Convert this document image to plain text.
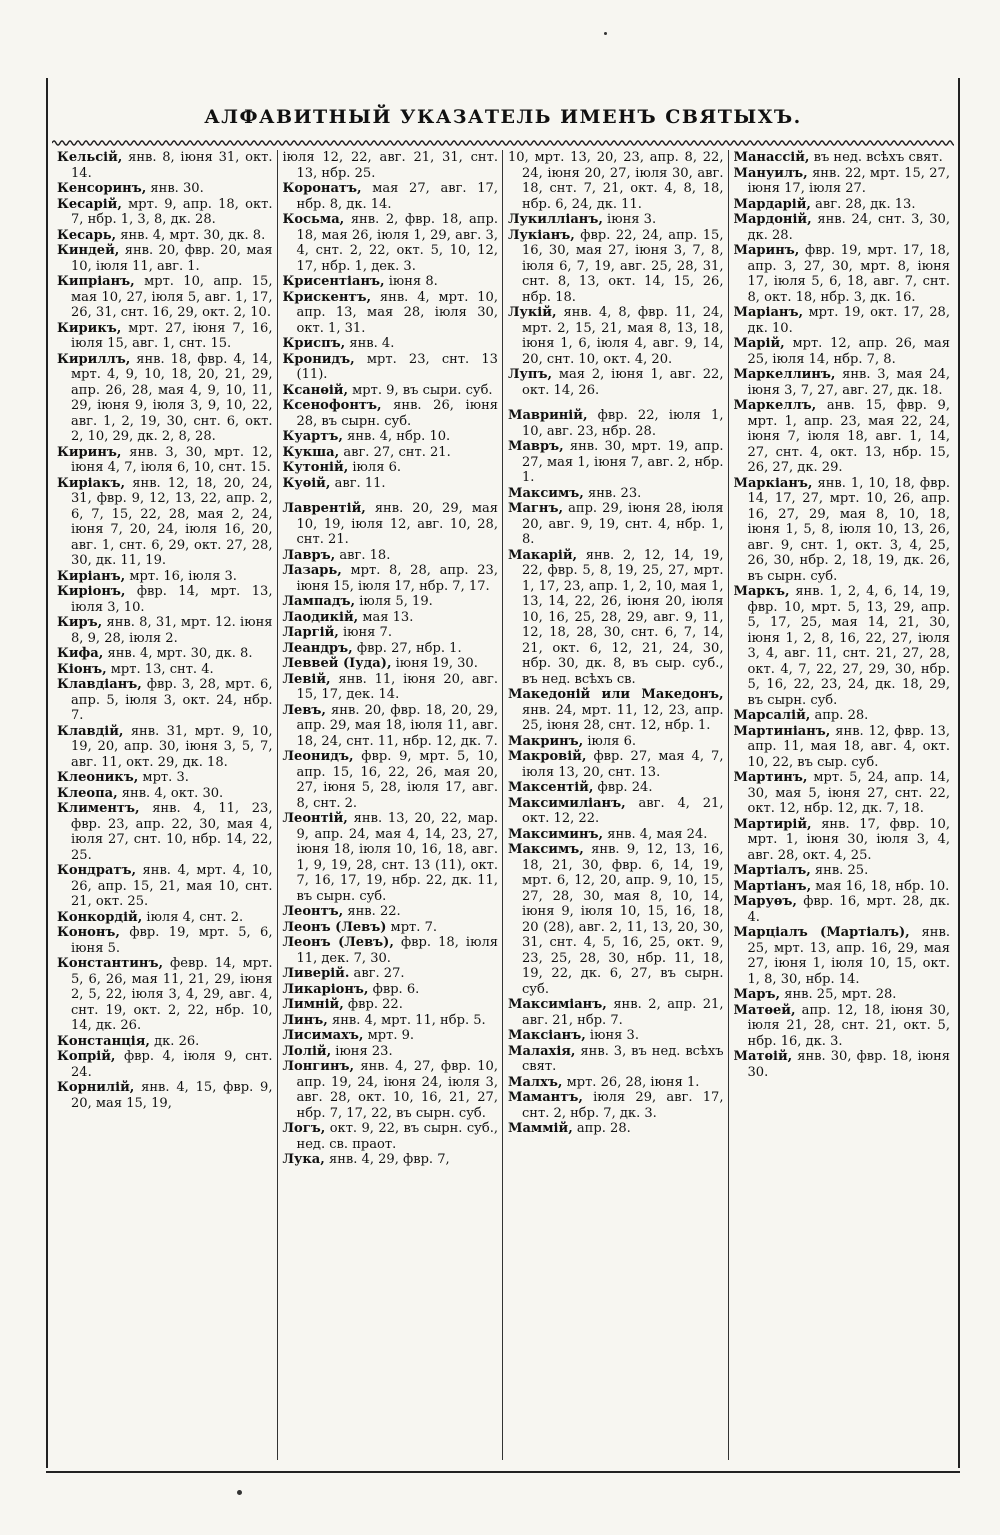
АЛФАВИТНЫЙ УКАЗАТЕЛЬ ИМЕНЪ СВЯТЫХЪ.

Кельсій, янв. 8, іюня 31, окт. 14.

Кенсоринъ, янв. 30.

Кесарій, мрт. 9, апр. 18, окт. 7, нбр. 1, 3, 8, дк. 28.

Кесарь, янв. 4, мрт. 30, дк. 8.

Киндей, янв. 20, фвр. 20, мая 10, іюля 11, авг. 1.

Кипріанъ, мрт. 10, апр. 15, мая 10, 27, іюля 5, авг. 1, 17, 26, 31, снт. 16, 29, окт. 2, 10.

Кирикъ, мрт. 27, іюня 7, 16, іюля 15, авг. 1, снт. 15.

Кириллъ, янв. 18, фвр. 4, 14, мрт. 4, 9, 10, 18, 20, 21, 29, апр. 26, 28, мая 4, 9, 10, 11, 29, іюня 9, іюля 3, 9, 10, 22, авг. 1, 2, 19, 30, снт. 6, окт. 2, 10, 29, дк. 2, 8, 28.

Киринъ, янв. 3, 30, мрт. 12, іюня 4, 7, іюля 6, 10, снт. 15.

Киріакъ, янв. 12, 18, 20, 24, 31, фвр. 9, 12, 13, 22, апр. 2, 6, 7, 15, 22, 28, мая 2, 24, іюня 7, 20, 24, іюля 16, 20, авг. 1, снт. 6, 29, окт. 27, 28, 30, дк. 11, 19.

Киріанъ, мрт. 16, іюля 3.

Киріонъ, фвр. 14, мрт. 13, іюля 3, 10.

Киръ, янв. 8, 31, мрт. 12. іюня 8, 9, 28, іюля 2.

Кифа, янв. 4, мрт. 30, дк. 8.

Кіонъ, мрт. 13, снт. 4.

Клавдіанъ, фвр. 3, 28, мрт. 6, апр. 5, іюля 3, окт. 24, нбр. 7.

Клавдій, янв. 31, мрт. 9, 10, 19, 20, апр. 30, іюня 3, 5, 7, авг. 11, окт. 29, дк. 18.

Клеоникъ, мрт. 3.

Клеопа, янв. 4, окт. 30.

Климентъ, янв. 4, 11, 23, фвр. 23, апр. 22, 30, мая 4, іюля 27, снт. 10, нбр. 14, 22, 25.

Кондратъ, янв. 4, мрт. 4, 10, 26, апр. 15, 21, мая 10, снт. 21, окт. 25.

Конкордій, іюля 4, снт. 2.

Кононъ, фвр. 19, мрт. 5, 6, іюня 5.

Константинъ, февр. 14, мрт. 5, 6, 26, мая 11, 21, 29, іюня 2, 5, 22, іюля 3, 4, 29, авг. 4, снт. 19, окт. 2, 22, нбр. 10, 14, дк. 26.

Констанція, дк. 26.

Копрій, фвр. 4, іюля 9, снт. 24.

Корнилій, янв. 4, 15, фвр. 9, 20, мая 15, 19,

іюля 12, 22, авг. 21, 31, снт. 13, нбр. 25.

Коронатъ, мая 27, авг. 17, нбр. 8, дк. 14.

Косьма, янв. 2, фвр. 18, апр. 18, мая 26, іюля 1, 29, авг. 3, 4, снт. 2, 22, окт. 5, 10, 12, 17, нбр. 1, дек. 3.

Крисентіанъ, іюня 8.

Крискентъ, янв. 4, мрт. 10, апр. 13, мая 28, іюля 30, окт. 1, 31.

Криспъ, янв. 4.

Кронидъ, мрт. 23, снт. 13 (11).

Ксанѳій, мрт. 9, въ сыри. суб.

Ксенофонтъ, янв. 26, іюня 28, въ сырн. суб.

Куартъ, янв. 4, нбр. 10.

Кукша, авг. 27, снт. 21.

Кутоній, іюля 6.

Куѳій, авг. 11.

Лаврентій, янв. 20, 29, мая 10, 19, іюля 12, авг. 10, 28, снт. 21.

Лавръ, авг. 18.

Лазарь, мрт. 8, 28, апр. 23, іюня 15, іюля 17, нбр. 7, 17.

Лампадъ, іюля 5, 19.

Лаодикій, мая 13.

Ларгій, іюня 7.

Леандръ, фвр. 27, нбр. 1.

Леввей (Іуда), іюня 19, 30.

Левій, янв. 11, іюня 20, авг. 15, 17, дек. 14.

Левъ, янв. 20, фвр. 18, 20, 29, апр. 29, мая 18, іюля 11, авг. 18, 24, снт. 11, нбр. 12, дк. 7.

Леонидъ, фвр. 9, мрт. 5, 10, апр. 15, 16, 22, 26, мая 20, 27, іюня 5, 28, іюля 17, авг. 8, снт. 2.

Леонтій, янв. 13, 20, 22, мар. 9, апр. 24, мая 4, 14, 23, 27, іюня 18, іюля 10, 16, 18, авг. 1, 9, 19, 28, снт. 13 (11), окт. 7, 16, 17, 19, нбр. 22, дк. 11, въ сырн. суб.

Леонтъ, янв. 22.

Леонъ (Левъ) мрт. 7.

Леонъ (Левъ), фвр. 18, іюля 11, дек. 7, 30.

Ливерій. авг. 27.

Ликаріонъ, фвр. 6.

Лимній, фвр. 22.

Линъ, янв. 4, мрт. 11, нбр. 5.

Лисимахъ, мрт. 9.

Лолій, іюня 23.

Лонгинъ, янв. 4, 27, фвр. 10, апр. 19, 24, іюня 24, іюля 3, авг. 28, окт. 10, 16, 21, 27, нбр. 7, 17, 22, въ сырн. суб.

Логъ, окт. 9, 22, въ сырн. суб., нед. св. праот.

Лука, янв. 4, 29, фвр. 7,

10, мрт. 13, 20, 23, апр. 8, 22, 24, іюня 20, 27, іюля 30, авг. 18, снт. 7, 21, окт. 4, 8, 18, нбр. 6, 24, дк. 11.

Лукилліанъ, іюня 3.

Лукіанъ, фвр. 22, 24, апр. 15, 16, 30, мая 27, іюня 3, 7, 8, іюля 6, 7, 19, авг. 25, 28, 31, снт. 8, 13, окт. 14, 15, 26, нбр. 18.

Лукій, янв. 4, 8, фвр. 11, 24, мрт. 2, 15, 21, мая 8, 13, 18, іюня 1, 6, іюля 4, авг. 9, 14, 20, снт. 10, окт. 4, 20.

Лупъ, мая 2, іюня 1, авг. 22, окт. 14, 26.

Мавриній, фвр. 22, іюля 1, 10, авг. 23, нбр. 28.

Мавръ, янв. 30, мрт. 19, апр. 27, мая 1, іюня 7, авг. 2, нбр. 1.

Максимъ, янв. 23.

Магнъ, апр. 29, іюня 28, іюля 20, авг. 9, 19, снт. 4, нбр. 1, 8.

Макарій, янв. 2, 12, 14, 19, 22, фвр. 5, 8, 19, 25, 27, мрт. 1, 17, 23, апр. 1, 2, 10, мая 1, 13, 14, 22, 26, іюня 20, іюля 10, 16, 25, 28, 29, авг. 9, 11, 12, 18, 28, 30, снт. 6, 7, 14, 21, окт. 6, 12, 21, 24, 30, нбр. 30, дк. 8, въ сыр. суб., въ нед. всѣхъ св.

Македоній или Македонъ, янв. 24, мрт. 11, 12, 23, апр. 25, іюня 28, снт. 12, нбр. 1.

Макринъ, іюля 6.

Макровій, фвр. 27, мая 4, 7, іюля 13, 20, снт. 13.

Максентій, фвр. 24.

Максимиліанъ, авг. 4, 21, окт. 12, 22.

Максиминъ, янв. 4, мая 24.

Максимъ, янв. 9, 12, 13, 16, 18, 21, 30, фвр. 6, 14, 19, мрт. 6, 12, 20, апр. 9, 10, 15, 27, 28, 30, мая 8, 10, 14, іюня 9, іюля 10, 15, 16, 18, 20 (28), авг. 2, 11, 13, 20, 30, 31, снт. 4, 5, 16, 25, окт. 9, 23, 25, 28, 30, нбр. 11, 18, 19, 22, дк. 6, 27, въ сырн. суб.

Максиміанъ, янв. 2, апр. 21, авг. 21, нбр. 7.

Максіанъ, іюня 3.

Малахія, янв. 3, въ нед. всѣхъ свят.

Малхъ, мрт. 26, 28, іюня 1.

Мамантъ, іюля 29, авг. 17, снт. 2, нбр. 7, дк. 3.

Маммій, апр. 28.

Манассій, въ нед. всѣхъ свят.

Мануилъ, янв. 22, мрт. 15, 27, іюня 17, іюля 27.

Мардарій, авг. 28, дк. 13.

Мардоній, янв. 24, снт. 3, 30, дк. 28.

Маринъ, фвр. 19, мрт. 17, 18, апр. 3, 27, 30, мрт. 8, іюня 17, іюля 5, 6, 18, авг. 7, снт. 8, окт. 18, нбр. 3, дк. 16.

Маріанъ, мрт. 19, окт. 17, 28, дк. 10.

Марій, мрт. 12, апр. 26, мая 25, іюля 14, нбр. 7, 8.

Маркеллинъ, янв. 3, мая 24, іюня 3, 7, 27, авг. 27, дк. 18.

Маркеллъ, анв. 15, фвр. 9, мрт. 1, апр. 23, мая 22, 24, іюня 7, іюля 18, авг. 1, 14, 27, снт. 4, окт. 13, нбр. 15, 26, 27, дк. 29.

Маркіанъ, янв. 1, 10, 18, фвр. 14, 17, 27, мрт. 10, 26, апр. 16, 27, 29, мая 8, 10, 18, іюня 1, 5, 8, іюля 10, 13, 26, авг. 9, снт. 1, окт. 3, 4, 25, 26, 30, нбр. 2, 18, 19, дк. 26, въ сырн. суб.

Маркъ, янв. 1, 2, 4, 6, 14, 19, фвр. 10, мрт. 5, 13, 29, апр. 5, 17, 25, мая 14, 21, 30, іюня 1, 2, 8, 16, 22, 27, іюля 3, 4, авг. 11, снт. 21, 27, 28, окт. 4, 7, 22, 27, 29, 30, нбр. 5, 16, 22, 23, 24, дк. 18, 29, въ сырн. суб.

Марсалій, апр. 28.

Мартиніанъ, янв. 12, фвр. 13, апр. 11, мая 18, авг. 4, окт. 10, 22, въ сыр. суб.

Мартинъ, мрт. 5, 24, апр. 14, 30, мая 5, іюня 27, снт. 22, окт. 12, нбр. 12, дк. 7, 18.

Мартирій, янв. 17, фвр. 10, мрт. 1, іюня 30, іюля 3, 4, авг. 28, окт. 4, 25.

Мартіалъ, янв. 25.

Мартіанъ, мая 16, 18, нбр. 10.

Маруѳъ, фвр. 16, мрт. 28, дк. 4.

Марціалъ (Мартіалъ), янв. 25, мрт. 13, апр. 16, 29, мая 27, іюня 1, іюля 10, 15, окт. 1, 8, 30, нбр. 14.

Маръ, янв. 25, мрт. 28.

Матѳей, апр. 12, 18, іюня 30, іюля 21, 28, снт. 21, окт. 5, нбр. 16, дк. 3.

Матѳій, янв. 30, фвр. 18, іюня 30.
